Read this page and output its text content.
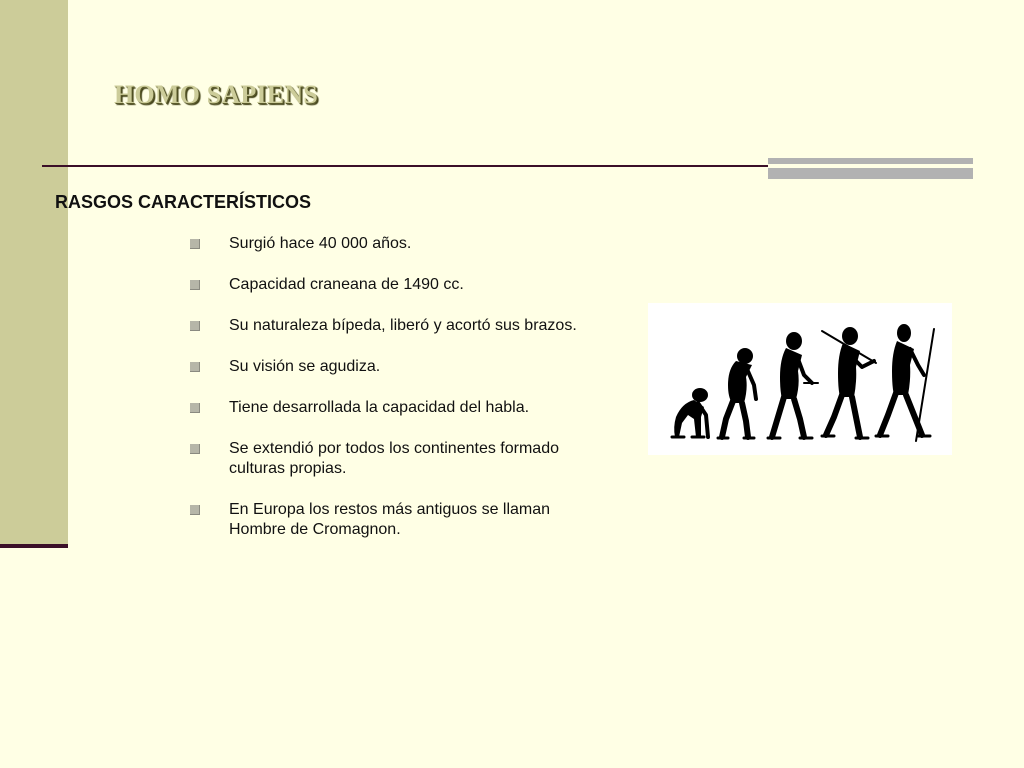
HOMO SAPIENS
RASGOS CARACTERÍSTICOS
Surgió hace 40 000 años.
Capacidad craneana de 1490 cc.
Su naturaleza bípeda, liberó y acortó sus brazos.
Su visión se agudiza.
Tiene desarrollada la capacidad del habla.
Se extendió por todos los continentes formado culturas propias.
En Europa los restos más antiguos se llaman Hombre de Cromagnon.
